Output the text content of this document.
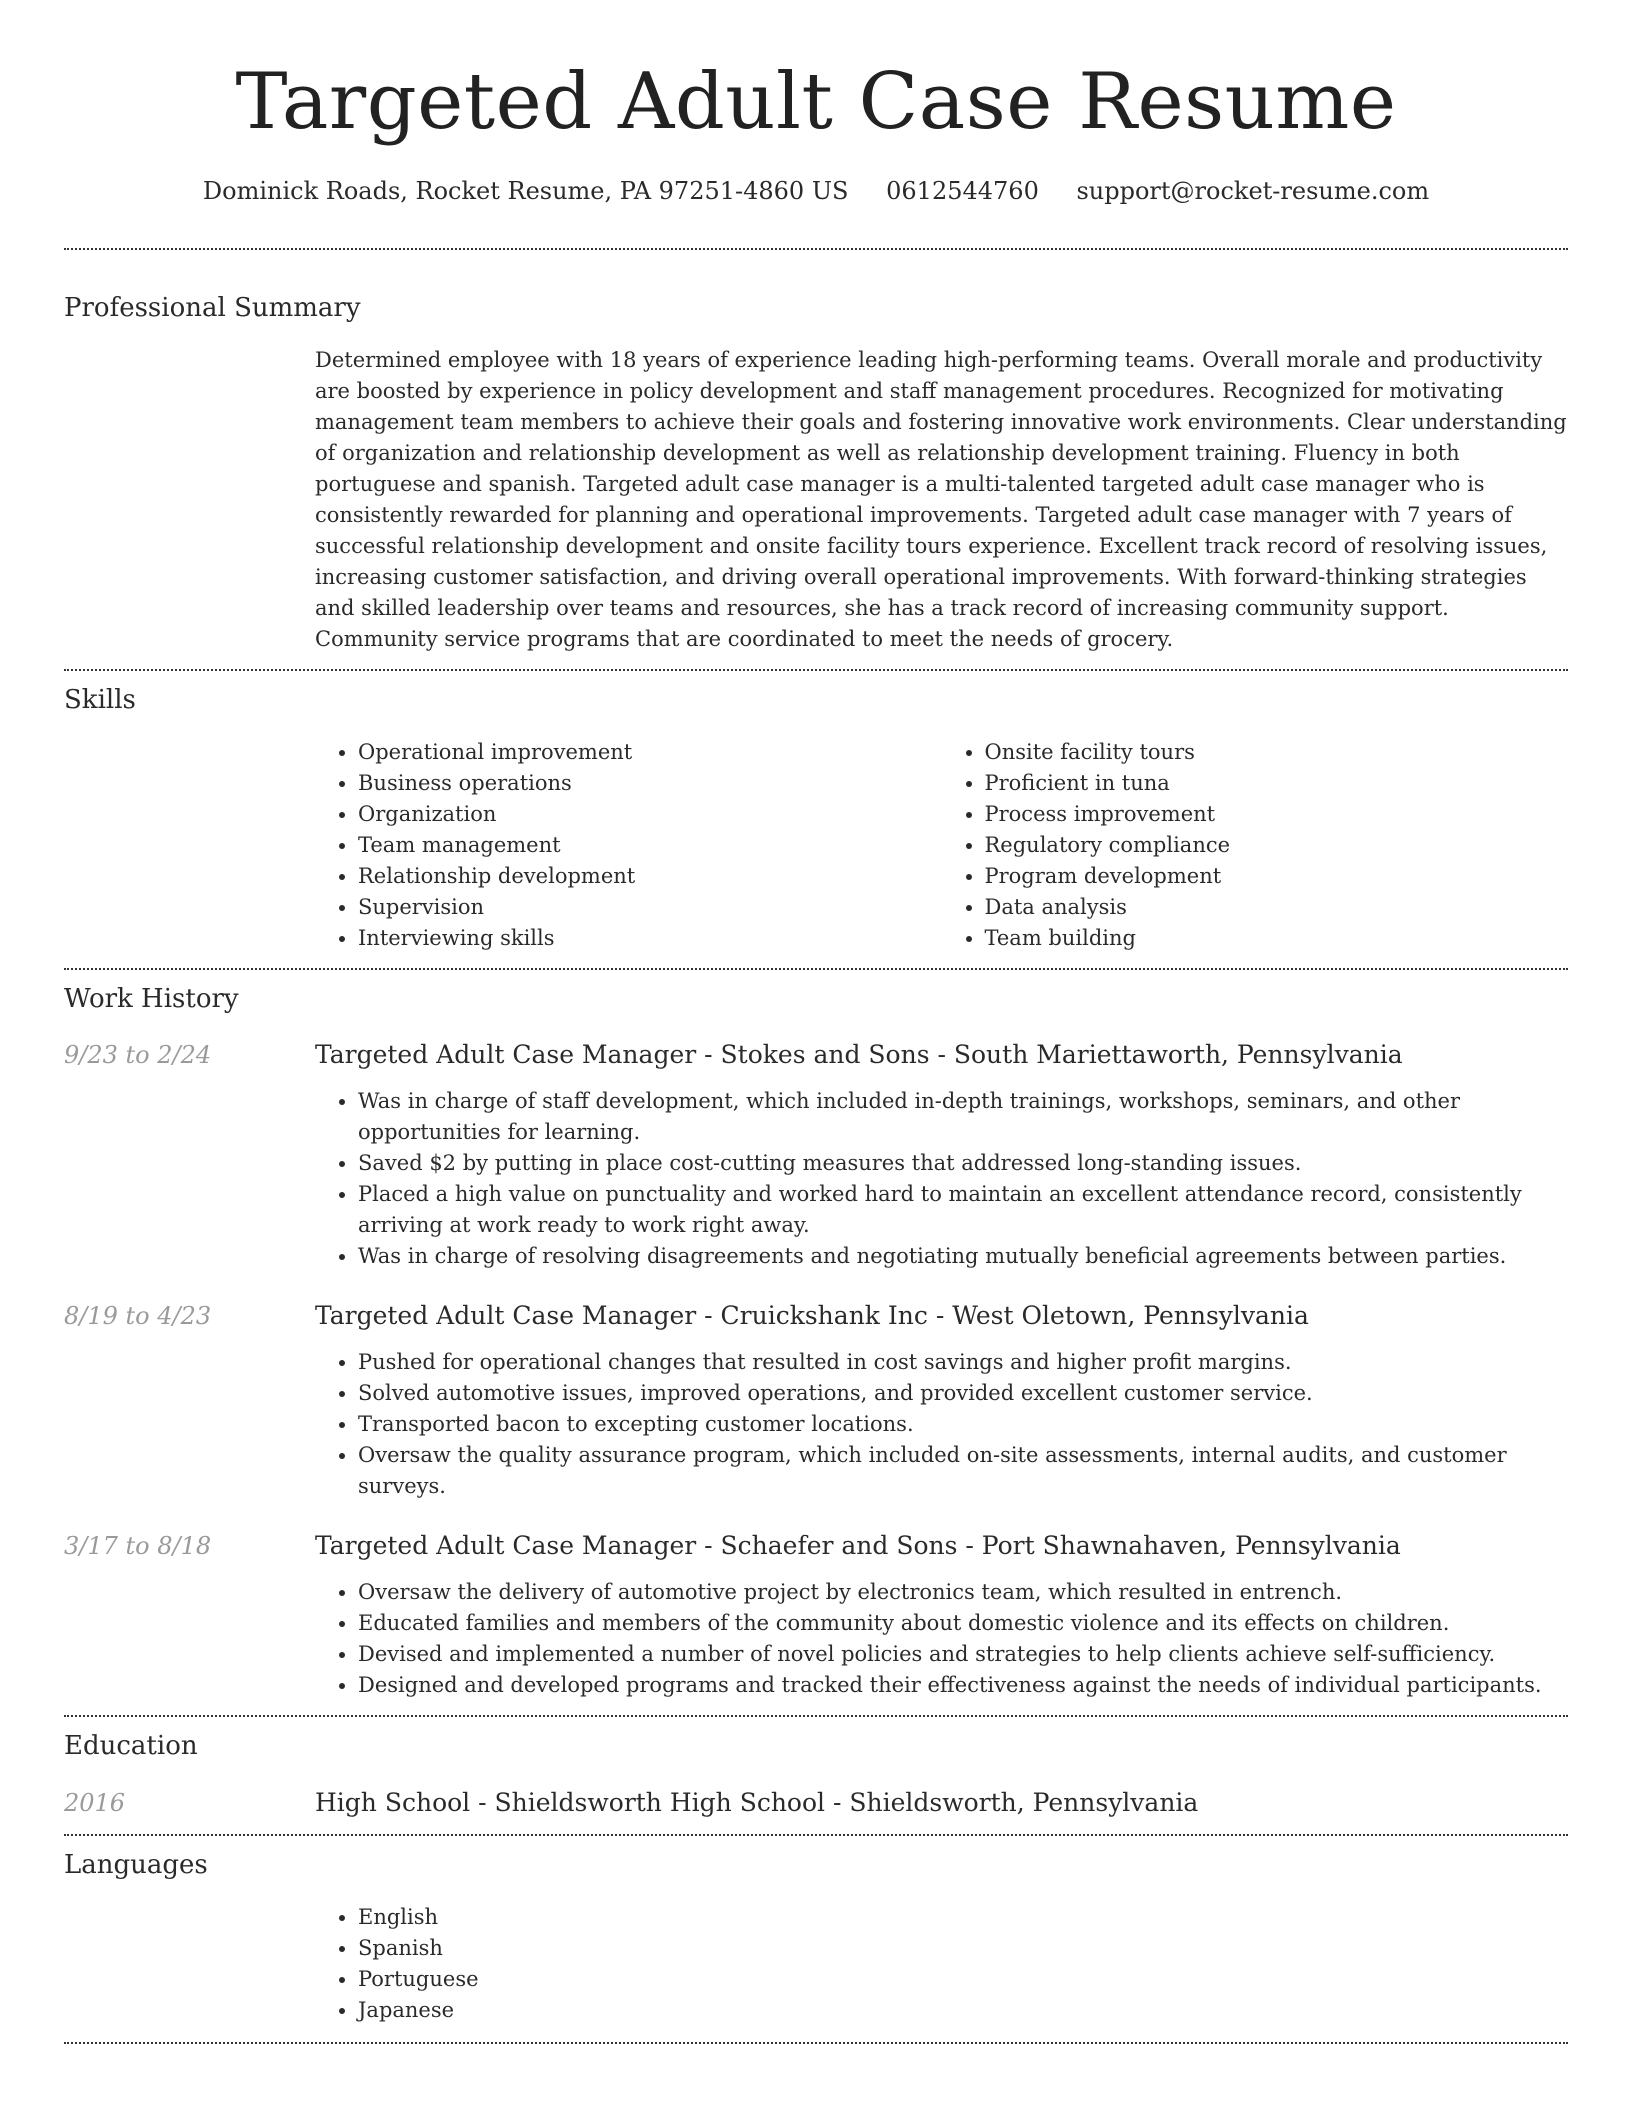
Targeted Adult Case Resume
Dominick Roads, Rocket Resume, PA 97251-4860 US 0612544760 support@rocket-resume.com
Professional Summary
Determined employee with 18 years of experience leading high-performing teams. Overall morale and productivity are boosted by experience in policy development and staff management procedures. Recognized for motivating management team members to achieve their goals and fostering innovative work environments. Clear understanding of organization and relationship development as well as relationship development training. Fluency in both portuguese and spanish. Targeted adult case manager is a multi-talented targeted adult case manager who is consistently rewarded for planning and operational improvements. Targeted adult case manager with 7 years of successful relationship development and onsite facility tours experience. Excellent track record of resolving issues, increasing customer satisfaction, and driving overall operational improvements. With forward-thinking strategies and skilled leadership over teams and resources, she has a track record of increasing community support. Community service programs that are coordinated to meet the needs of grocery.
Skills
• Operational improvement
• Business operations
• Organization
• Team management
• Relationship development
• Supervision
• Interviewing skills
• Onsite facility tours
• Proficient in tuna
• Process improvement
• Regulatory compliance
• Program development
• Data analysis
• Team building
Work History
9/23 to 2/24	Targeted Adult Case Manager - Stokes and Sons - South Mariettaworth, Pennsylvania
• Was in charge of staff development, which included in-depth trainings, workshops, seminars, and other opportunities for learning.
• Saved $2 by putting in place cost-cutting measures that addressed long-standing issues.
• Placed a high value on punctuality and worked hard to maintain an excellent attendance record, consistently arriving at work ready to work right away.
• Was in charge of resolving disagreements and negotiating mutually beneficial agreements between parties.
8/19 to 4/23	Targeted Adult Case Manager - Cruickshank Inc - West Oletown, Pennsylvania
• Pushed for operational changes that resulted in cost savings and higher profit margins.
• Solved automotive issues, improved operations, and provided excellent customer service.
• Transported bacon to excepting customer locations.
• Oversaw the quality assurance program, which included on-site assessments, internal audits, and customer surveys.
3/17 to 8/18	Targeted Adult Case Manager - Schaefer and Sons - Port Shawnahaven, Pennsylvania
• Oversaw the delivery of automotive project by electronics team, which resulted in entrench.
• Educated families and members of the community about domestic violence and its effects on children.
• Devised and implemented a number of novel policies and strategies to help clients achieve self-sufficiency.
• Designed and developed programs and tracked their effectiveness against the needs of individual participants.
Education
2016	High School - Shieldsworth High School - Shieldsworth, Pennsylvania
Languages
• English
• Spanish
• Portuguese
• Japanese
